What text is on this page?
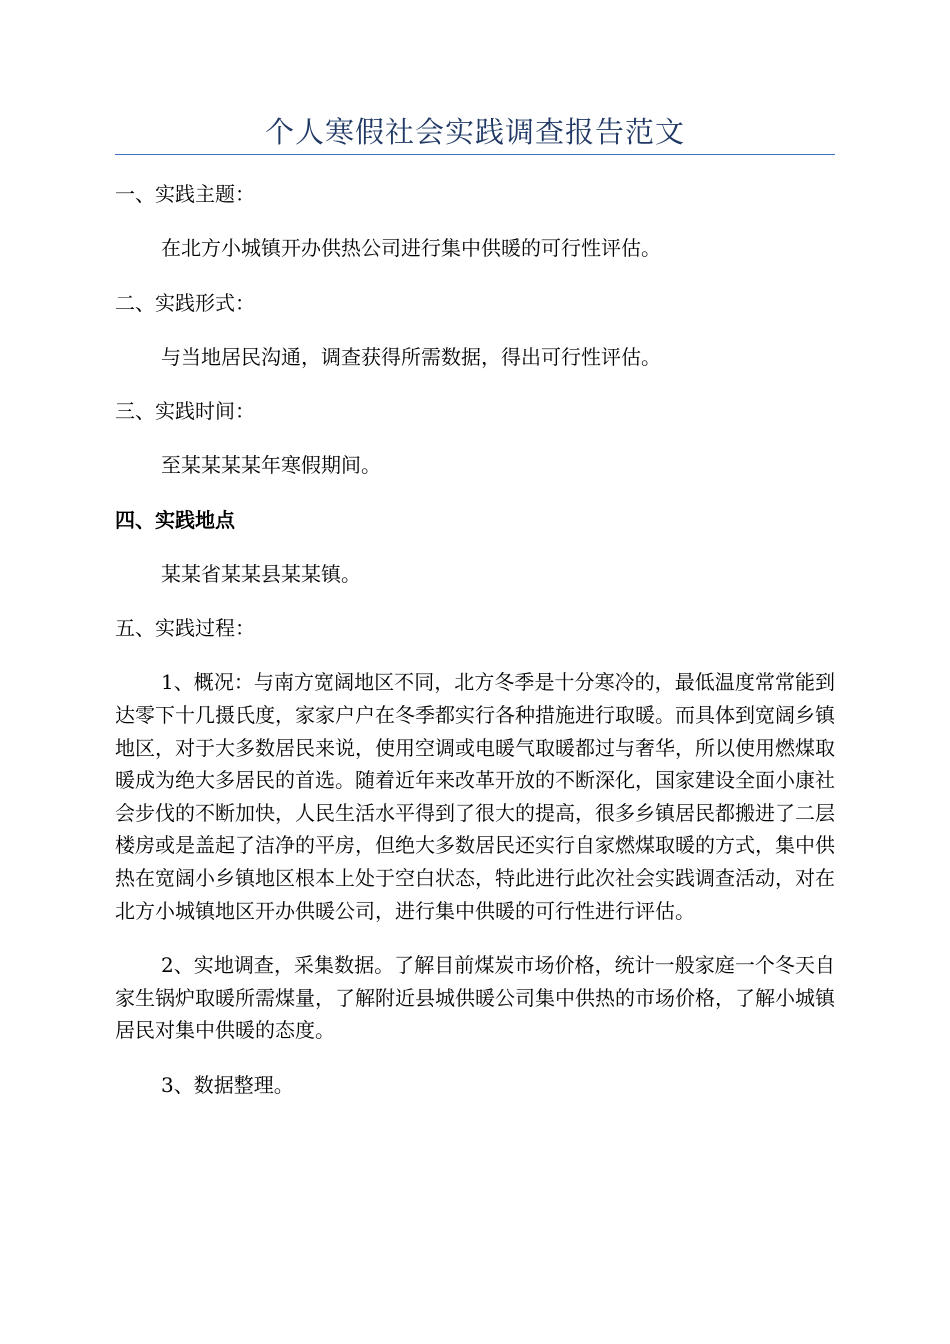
个人寒假社会实践调查报告范文
一、实践主题：
在北方小城镇开办供热公司进行集中供暖的可行性评估。
二、实践形式：
与当地居民沟通，调查获得所需数据，得出可行性评估。
三、实践时间：
至某某某某年寒假期间。
四、实践地点
某某省某某县某某镇。
五、实践过程：
1、概况：与南方宽阔地区不同，北方冬季是十分寒冷的，最低温度常常能到达零下十几摄氏度，家家户户在冬季都实行各种措施进行取暖。而具体到宽阔乡镇地区，对于大多数居民来说，使用空调或电暖气取暖都过与奢华，所以使用燃煤取暖成为绝大多居民的首选。随着近年来改革开放的不断深化，国家建设全面小康社会步伐的不断加快，人民生活水平得到了很大的提高，很多乡镇居民都搬进了二层楼房或是盖起了洁净的平房，但绝大多数居民还实行自家燃煤取暖的方式，集中供热在宽阔小乡镇地区根本上处于空白状态，特此进行此次社会实践调查活动，对在北方小城镇地区开办供暖公司，进行集中供暖的可行性进行评估。
2、实地调查，采集数据。了解目前煤炭市场价格，统计一般家庭一个冬天自家生锅炉取暖所需煤量，了解附近县城供暖公司集中供热的市场价格，了解小城镇居民对集中供暖的态度。
3、数据整理。
